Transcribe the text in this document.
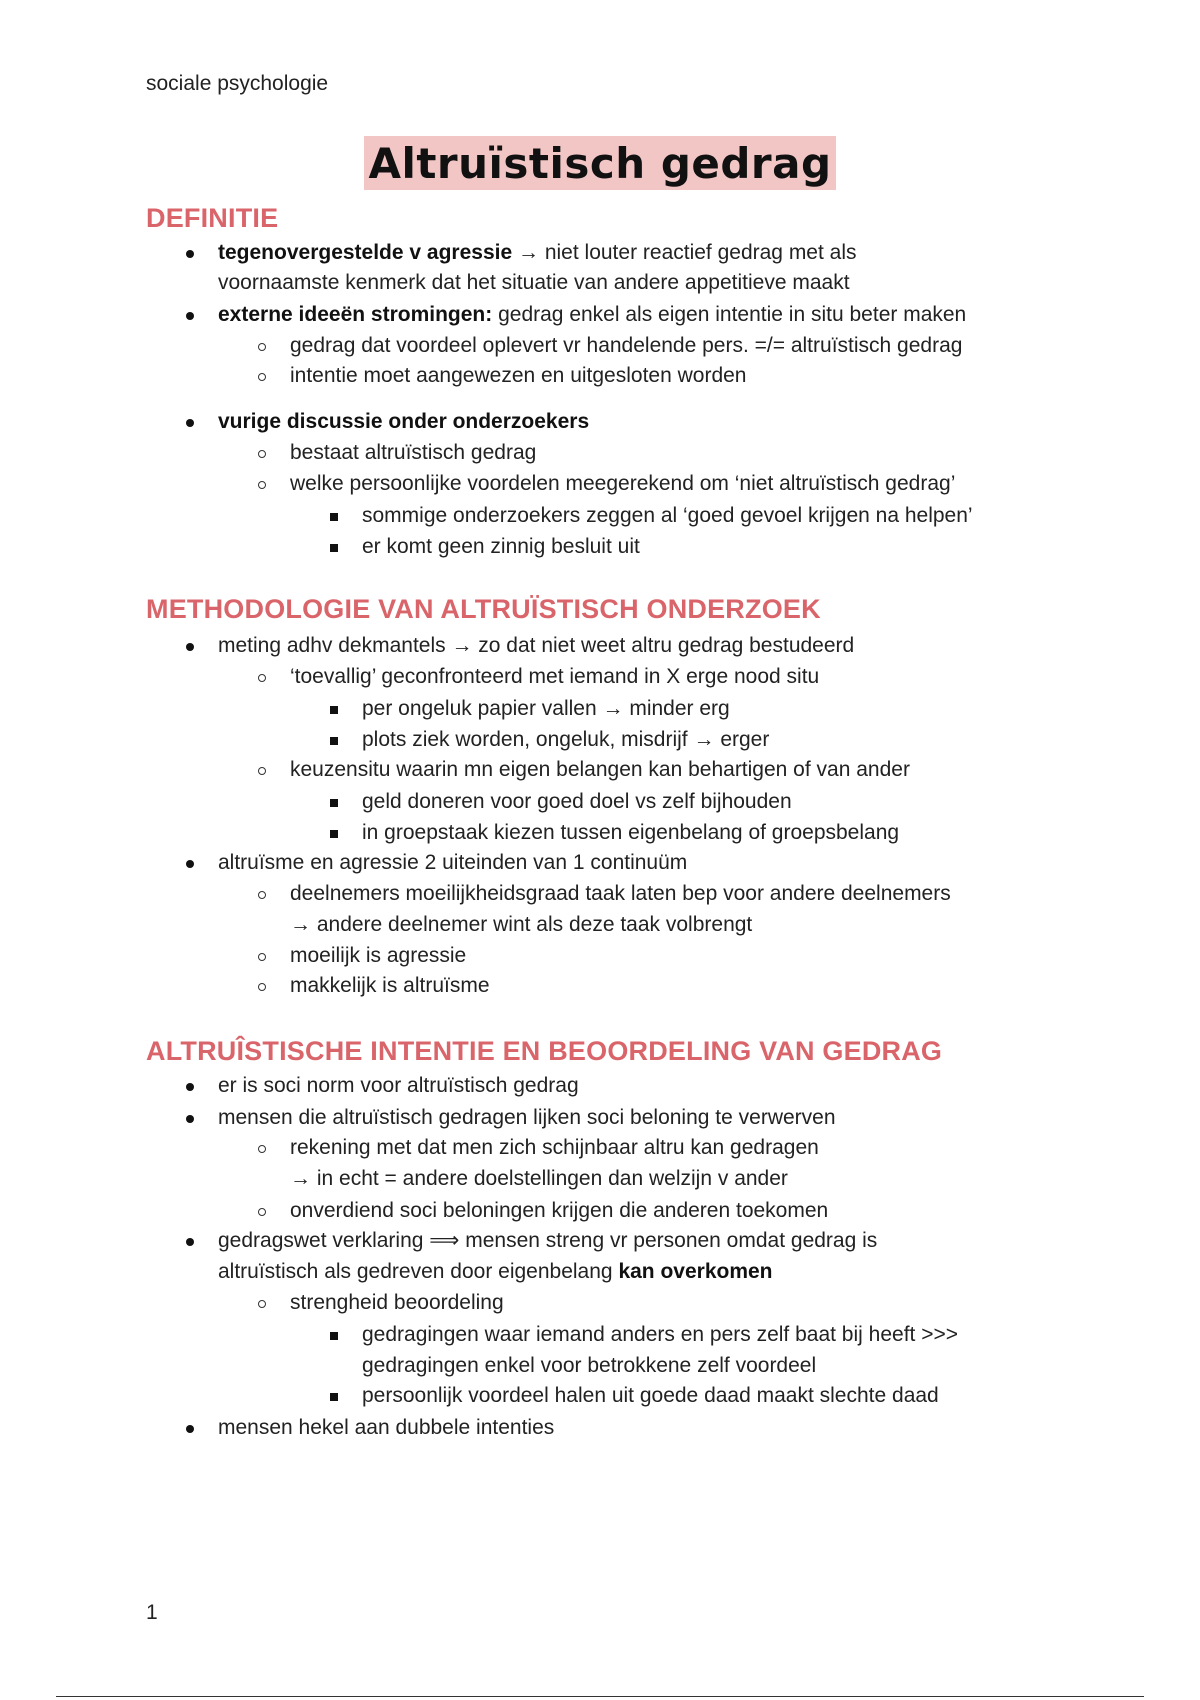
sociale psychologie
Altruïstisch gedrag
DEFINITIE
tegenovergestelde v agressie → niet louter reactief gedrag met als
voornaamste kenmerk dat het situatie van andere appetitieve maakt
externe ideeën stromingen: gedrag enkel als eigen intentie in situ beter maken
gedrag dat voordeel oplevert vr handelende pers. =/= altruïstisch gedrag
intentie moet aangewezen en uitgesloten worden
vurige discussie onder onderzoekers
bestaat altruïstisch gedrag
welke persoonlijke voordelen meegerekend om ‘niet altruïstisch gedrag’
sommige onderzoekers zeggen al ‘goed gevoel krijgen na helpen’
er komt geen zinnig besluit uit
METHODOLOGIE VAN ALTRUÏSTISCH ONDERZOEK
meting adhv dekmantels → zo dat niet weet altru gedrag bestudeerd
‘toevallig’ geconfronteerd met iemand in X erge nood situ
per ongeluk papier vallen → minder erg
plots ziek worden, ongeluk, misdrijf → erger
keuzensitu waarin mn eigen belangen kan behartigen of van ander
geld doneren voor goed doel vs zelf bijhouden
in groepstaak kiezen tussen eigenbelang of groepsbelang
altruïsme en agressie 2 uiteinden van 1 continuüm
deelnemers moeilijkheidsgraad taak laten bep voor andere deelnemers
→ andere deelnemer wint als deze taak volbrengt
moeilijk is agressie
makkelijk is altruïsme
ALTRUÎSTISCHE INTENTIE EN BEOORDELING VAN GEDRAG
er is soci norm voor altruïstisch gedrag
mensen die altruïstisch gedragen lijken soci beloning te verwerven
rekening met dat men zich schijnbaar altru kan gedragen
→ in echt = andere doelstellingen dan welzijn v ander
onverdiend soci beloningen krijgen die anderen toekomen
gedragswet verklaring ⟹ mensen streng vr personen omdat gedrag is
altruïstisch als gedreven door eigenbelang kan overkomen
strengheid beoordeling
gedragingen waar iemand anders en pers zelf baat bij heeft >>>
gedragingen enkel voor betrokkene zelf voordeel
persoonlijk voordeel halen uit goede daad maakt slechte daad
mensen hekel aan dubbele intenties
1
